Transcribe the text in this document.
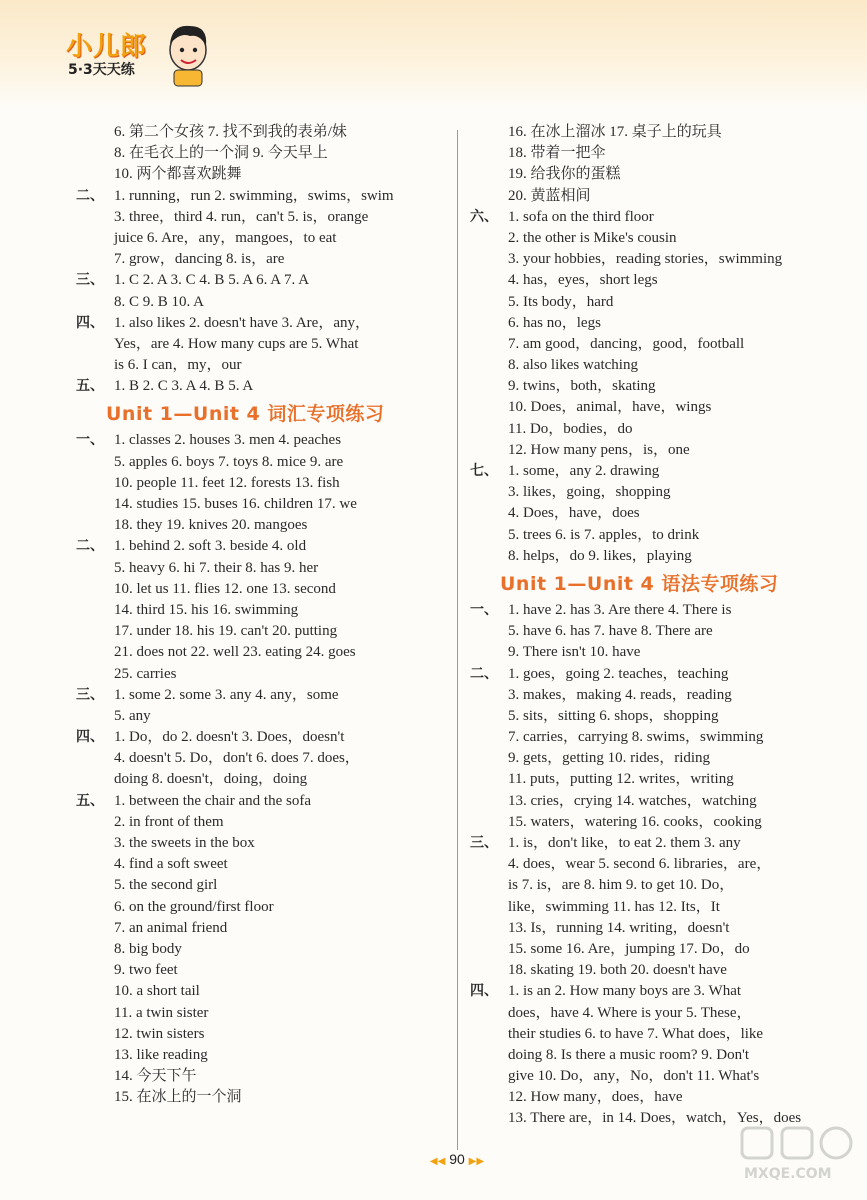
小儿郎
5·3天天练
6. 第二个女孩 7. 找不到我的表弟/妹
8. 在毛衣上的一个洞 9. 今天早上
10. 两个都喜欢跳舞
二、 1. running，run 2. swimming，swims，swim
3. three，third 4. run，can't 5. is，orange
juice 6. Are，any，mangoes，to eat
7. grow，dancing 8. is，are
三、 1. C 2. A 3. C 4. B 5. A 6. A 7. A
8. C 9. B 10. A
四、 1. also likes 2. doesn't have 3. Are，any，
Yes，are 4. How many cups are 5. What
is 6. I can，my，our
五、 1. B 2. C 3. A 4. B 5. A
Unit 1—Unit 4 词汇专项练习
一、 1. classes 2. houses 3. men 4. peaches
5. apples 6. boys 7. toys 8. mice 9. are
10. people 11. feet 12. forests 13. fish
14. studies 15. buses 16. children 17. we
18. they 19. knives 20. mangoes
二、 1. behind 2. soft 3. beside 4. old
5. heavy 6. hi 7. their 8. has 9. her
10. let us 11. flies 12. one 13. second
14. third 15. his 16. swimming
17. under 18. his 19. can't 20. putting
21. does not 22. well 23. eating 24. goes
25. carries
三、 1. some 2. some 3. any 4. any，some
5. any
四、 1. Do，do 2. doesn't 3. Does，doesn't
4. doesn't 5. Do，don't 6. does 7. does，
doing 8. doesn't，doing，doing
五、 1. between the chair and the sofa
2. in front of them
3. the sweets in the box
4. find a soft sweet
5. the second girl
6. on the ground/first floor
7. an animal friend
8. big body
9. two feet
10. a short tail
11. a twin sister
12. twin sisters
13. like reading
14. 今天下午
15. 在冰上的一个洞
16. 在冰上溜冰 17. 桌子上的玩具
18. 带着一把伞
19. 给我你的蛋糕
20. 黄蓝相间
六、 1. sofa on the third floor
2. the other is Mike's cousin
3. your hobbies，reading stories，swimming
4. has，eyes，short legs
5. Its body，hard
6. has no，legs
7. am good，dancing，good，football
8. also likes watching
9. twins，both，skating
10. Does，animal，have，wings
11. Do，bodies，do
12. How many pens，is，one
七、 1. some，any 2. drawing
3. likes，going，shopping
4. Does，have，does
5. trees 6. is 7. apples，to drink
8. helps，do 9. likes，playing
Unit 1—Unit 4 语法专项练习
一、 1. have 2. has 3. Are there 4. There is
5. have 6. has 7. have 8. There are
9. There isn't 10. have
二、 1. goes，going 2. teaches，teaching
3. makes，making 4. reads，reading
5. sits，sitting 6. shops，shopping
7. carries，carrying 8. swims，swimming
9. gets，getting 10. rides，riding
11. puts，putting 12. writes，writing
13. cries，crying 14. watches，watching
15. waters，watering 16. cooks，cooking
三、 1. is，don't like，to eat 2. them 3. any
4. does，wear 5. second 6. libraries，are，
is 7. is，are 8. him 9. to get 10. Do，
like，swimming 11. has 12. Its，It
13. Is，running 14. writing，doesn't
15. some 16. Are，jumping 17. Do，do
18. skating 19. both 20. doesn't have
四、 1. is an 2. How many boys are 3. What
does，have 4. Where is your 5. These，
their studies 6. to have 7. What does，like
doing 8. Is there a music room? 9. Don't
give 10. Do，any，No，don't 11. What's
12. How many，does，have
13. There are，in 14. Does，watch，Yes，does
◀◀ 90 ▶▶
MXQE.COM
